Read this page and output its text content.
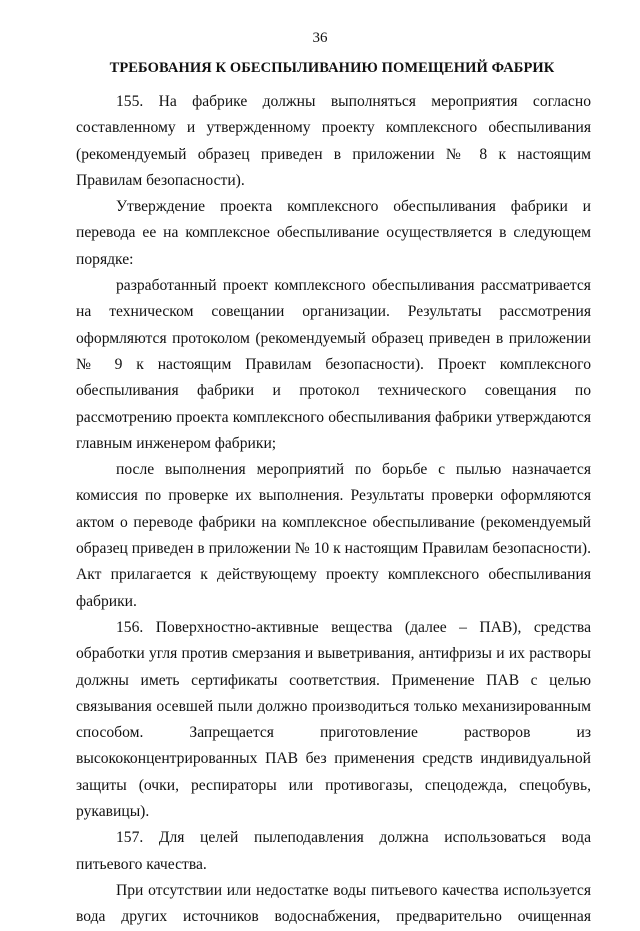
36
ТРЕБОВАНИЯ К ОБЕСПЫЛИВАНИЮ ПОМЕЩЕНИЙ ФАБРИК

155. На фабрике должны выполняться мероприятия согласно составленному и утвержденному проекту комплексного обеспыливания (рекомендуемый образец приведен в приложении № 8 к настоящим Правилам безопасности).

Утверждение проекта комплексного обеспыливания фабрики и перевода ее на комплексное обеспыливание осуществляется в следующем порядке:

разработанный проект комплексного обеспыливания рассматривается на техническом совещании организации. Результаты рассмотрения оформляются протоколом (рекомендуемый образец приведен в приложении № 9 к настоящим Правилам безопасности). Проект комплексного обеспыливания фабрики и протокол технического совещания по рассмотрению проекта комплексного обеспыливания фабрики утверждаются главным инженером фабрики;

после выполнения мероприятий по борьбе с пылью назначается комиссия по проверке их выполнения. Результаты проверки оформляются актом о переводе фабрики на комплексное обеспыливание (рекомендуемый образец приведен в приложении № 10 к настоящим Правилам безопасности). Акт прилагается к действующему проекту комплексного обеспыливания фабрики.

156. Поверхностно-активные вещества (далее – ПАВ), средства обработки угля против смерзания и выветривания, антифризы и их растворы должны иметь сертификаты соответствия. Применение ПАВ с целью связывания осевшей пыли должно производиться только механизированным способом. Запрещается приготовление растворов из высококонцентрированных ПАВ без применения средств индивидуальной защиты (очки, респираторы или противогазы, спецодежда, спецобувь, рукавицы).

157. Для целей пылеподавления должна использоваться вода питьевого качества.

При отсутствии или недостатке воды питьевого качества используется вода других источников водоснабжения, предварительно очищенная
